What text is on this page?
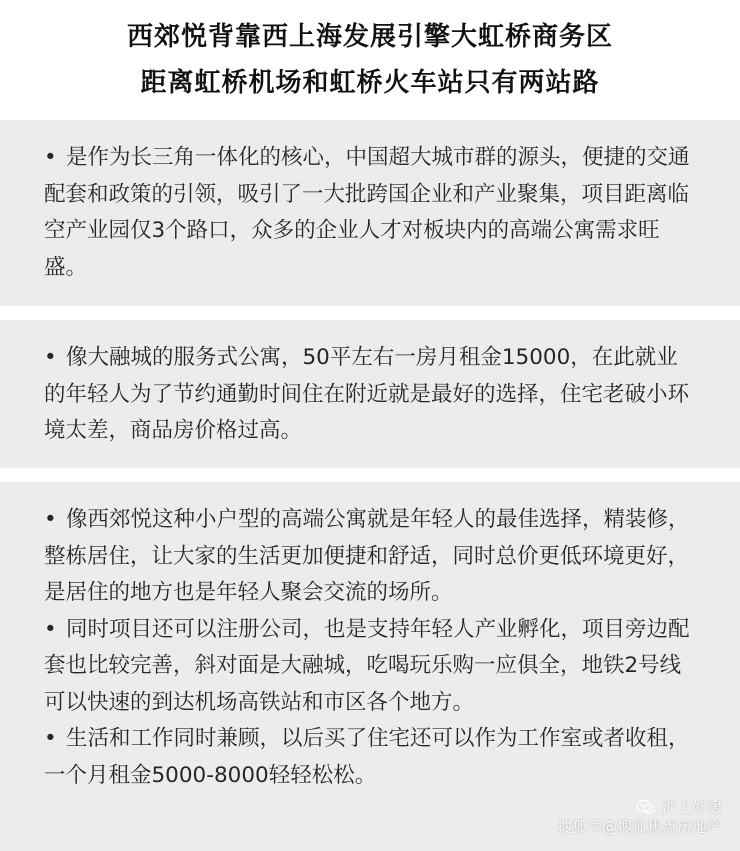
西郊悦背靠西上海发展引擎大虹桥商务区
距离虹桥机场和虹桥火车站只有两站路

• 是作为长三角一体化的核心，中国超大城市群的源头，便捷的交通配套和政策的引领，吸引了一大批跨国企业和产业聚集，项目距离临空产业园仅3个路口，众多的企业人才对板块内的高端公寓需求旺盛。

• 像大融城的服务式公寓，50平左右一房月租金15000，在此就业的年轻人为了节约通勤时间住在附近就是最好的选择，住宅老破小环境太差，商品房价格过高。

• 像西郊悦这种小户型的高端公寓就是年轻人的最佳选择，精装修，整栋居住，让大家的生活更加便捷和舒适，同时总价更低环境更好，是居住的地方也是年轻人聚会交流的场所。

• 同时项目还可以注册公司，也是支持年轻人产业孵化，项目旁边配套也比较完善，斜对面是大融城，吃喝玩乐购一应俱全，地铁2号线可以快速的到达机场高铁站和市区各个地方。

• 生活和工作同时兼顾，以后买了住宅还可以作为工作室或者收租，一个月租金5000-8000轻轻松松。

沪上好房
搜狐号@搜狐焦点房地产
